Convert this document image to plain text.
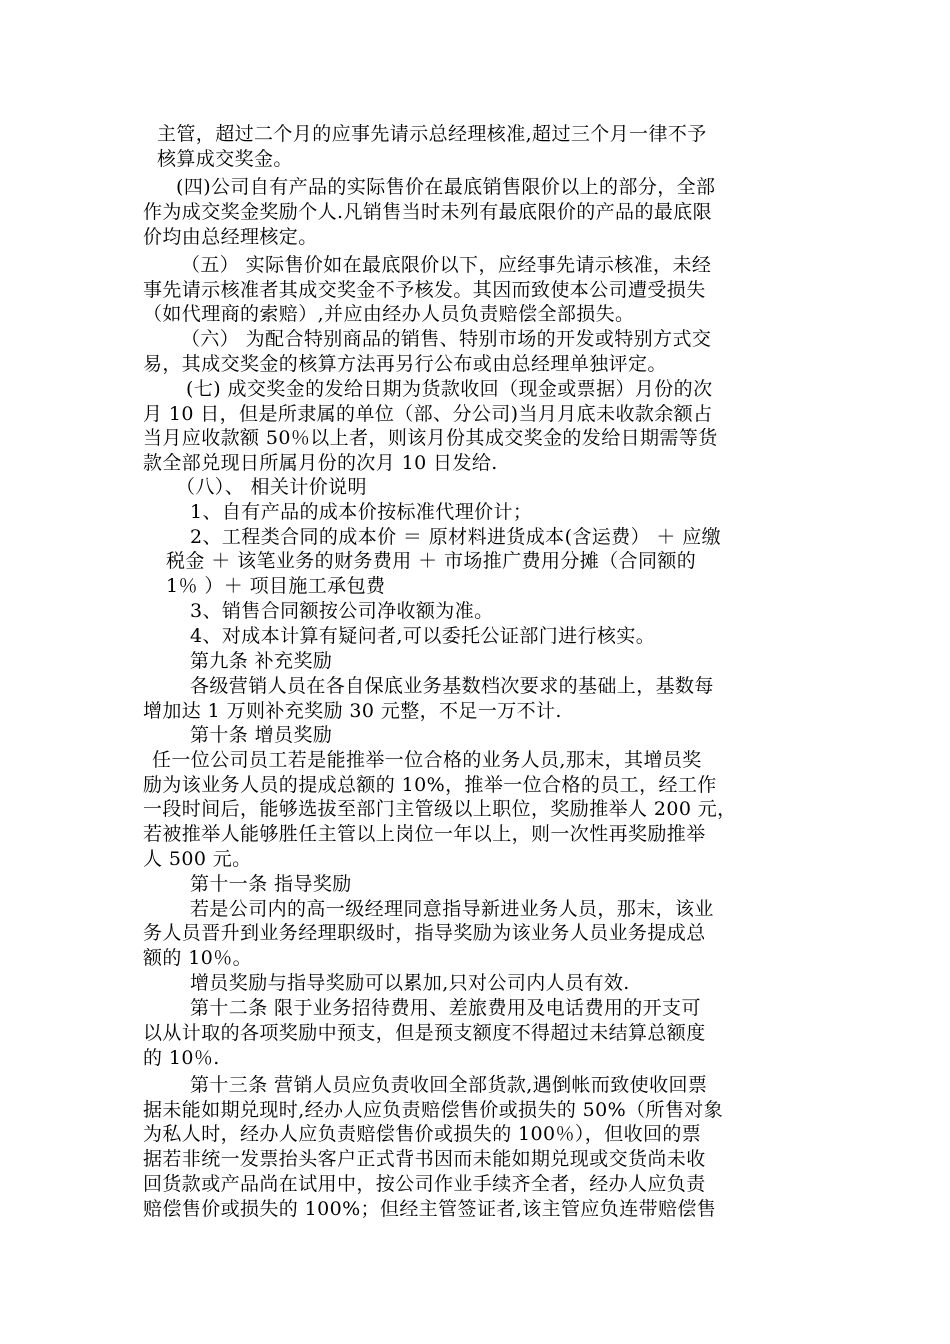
主管，超过二个月的应事先请示总经理核准,超过三个月一律不予
核算成交奖金。
(四)公司自有产品的实际售价在最底销售限价以上的部分，全部
作为成交奖金奖励个人.凡销售当时未列有最底限价的产品的最底限
价均由总经理核定。
（五） 实际售价如在最底限价以下，应经事先请示核准，未经
事先请示核准者其成交奖金不予核发。其因而致使本公司遭受损失
（如代理商的索赔）,并应由经办人员负责赔偿全部损失。
（六） 为配合特别商品的销售、特别市场的开发或特别方式交
易，其成交奖金的核算方法再另行公布或由总经理单独评定。
(七) 成交奖金的发给日期为货款收回（现金或票据）月份的次
月 10 日，但是所隶属的单位（部、分公司)当月月底未收款余额占
当月应收款额 50％以上者，则该月份其成交奖金的发给日期需等货
款全部兑现日所属月份的次月 10 日发给.
（八）、 相关计价说明
1、自有产品的成本价按标准代理价计；
2、工程类合同的成本价 ＝ 原材料进货成本(含运费） ＋ 应缴
税金 ＋ 该笔业务的财务费用 ＋ 市场推广费用分摊（合同额的
1％ ）＋ 项目施工承包费
3、销售合同额按公司净收额为准。
4、对成本计算有疑问者,可以委托公证部门进行核实。
第九条 补充奖励
各级营销人员在各自保底业务基数档次要求的基础上，基数每
增加达 1 万则补充奖励 30 元整，不足一万不计.
第十条 增员奖励
任一位公司员工若是能推举一位合格的业务人员,那末，其增员奖
励为该业务人员的提成总额的 10%，推举一位合格的员工，经工作
一段时间后，能够选拔至部门主管级以上职位，奖励推举人 200 元，
若被推举人能够胜任主管以上岗位一年以上，则一次性再奖励推举
人 500 元。
第十一条 指导奖励
若是公司内的高一级经理同意指导新进业务人员，那末，该业
务人员晋升到业务经理职级时，指导奖励为该业务人员业务提成总
额的 10％。
增员奖励与指导奖励可以累加,只对公司内人员有效.
第十二条 限于业务招待费用、差旅费用及电话费用的开支可
以从计取的各项奖励中预支，但是预支额度不得超过未结算总额度
的 10％.
第十三条 营销人员应负责收回全部货款,遇倒帐而致使收回票
据未能如期兑现时,经办人应负责赔偿售价或损失的 50%（所售对象
为私人时，经办人应负责赔偿售价或损失的 100％），但收回的票
据若非统一发票抬头客户正式背书因而未能如期兑现或交货尚未收
回货款或产品尚在试用中，按公司作业手续齐全者，经办人应负责
赔偿售价或损失的 100%；但经主管签证者,该主管应负连带赔偿售
